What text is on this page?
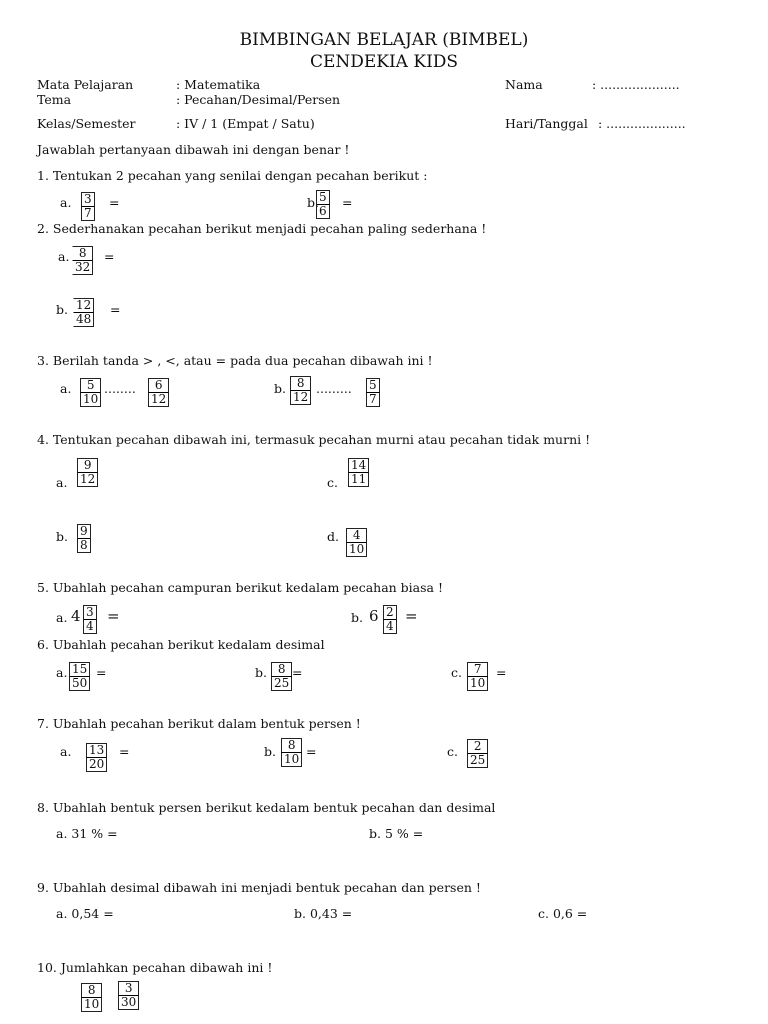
BIMBINGAN BELAJAR (BIMBEL)
CENDEKIA KIDS
Mata Pelajaran	: Matematika
Tema	: Pecahan/Desimal/Persen
Kelas/Semester	: IV / 1 (Empat / Satu)
Nama	: ....................
Hari/Tanggal : ....................
Jawablah pertanyaan dibawah ini dengan benar !
1. Tentukan 2 pecahan yang senilai dengan pecahan berikut :
a. $\frac{3}{7}$ =	b.
$\frac{5}{6}$ =
2. Sederhanakan pecahan berikut menjadi pecahan paling sederhana !
a. $\frac{8}{32}$ =
b. $\frac{12}{48}$ =
3. Berilah tanda > , <, atau = pada dua pecahan dibawah ini !
a. $\frac{5}{10}$ ........ $\frac{6}{12}$	b. $\frac{8}{12}$ ......... $\frac{5}{7}$
4. Tentukan pecahan dibawah ini, termasuk pecahan murni atau pecahan tidak murni !
a. $\frac{9}{12}$
b. $\frac{9}{8}$
c. $\frac{14}{11}$
d. $\frac{4}{10}$
5. Ubahlah pecahan campuran berikut kedalam pecahan biasa !
a. $4 \frac{3}{4}$ =	b. $6 \frac{2}{4}$ =
6. Ubahlah pecahan berikut kedalam desimal
a. $\frac{15}{50}$ =	b. $\frac{8}{25}$ =	c. $\frac{7}{10}$ =
7. Ubahlah pecahan berikut dalam bentuk persen !
a. $\frac{13}{20}$ =	b. $\frac{8}{10}$ =	c. $\frac{2}{25}$
8. Ubahlah bentuk persen berikut kedalam bentuk pecahan dan desimal
a. 31 % =	b. 5 % =
9. Ubahlah desimal dibawah ini menjadi bentuk pecahan dan persen !
a. 0,54 =	b. 0,43 =	c. 0,6 =
10. Jumlahkan pecahan dibawah ini !
$\frac{8}{10} \frac{3}{30}$
